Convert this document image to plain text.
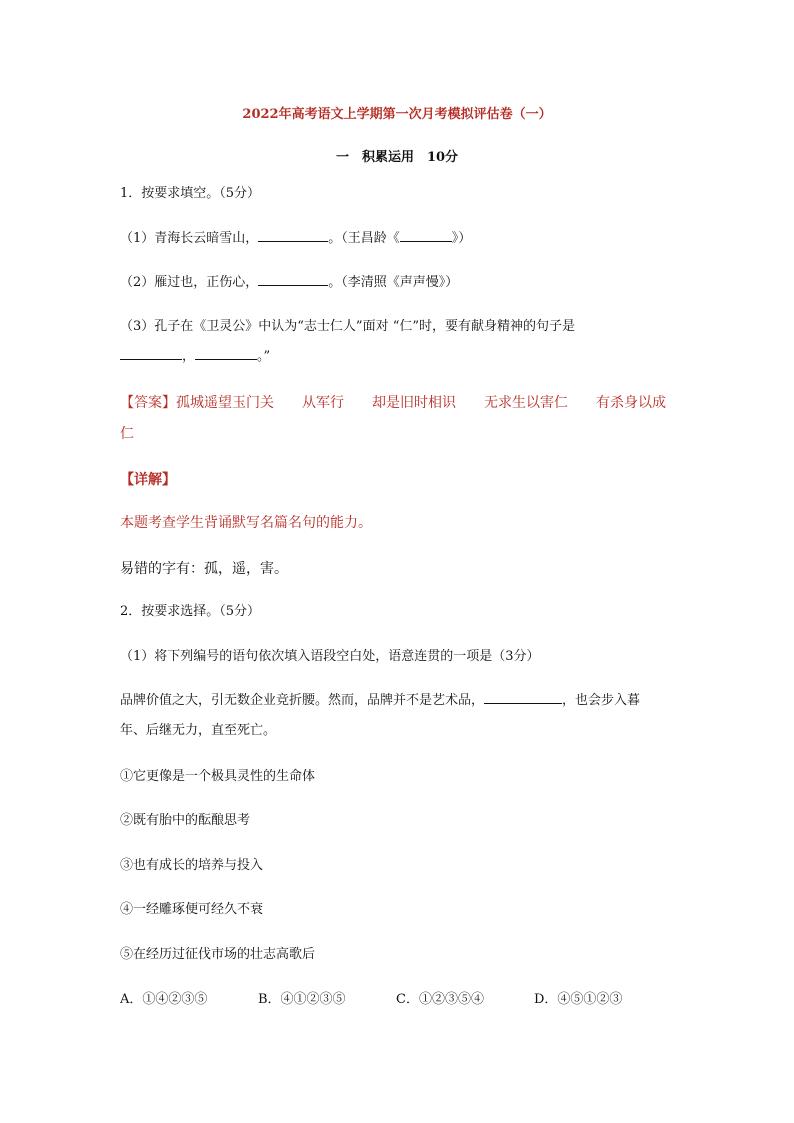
2022年高考语文上学期第一次月考模拟评估卷（一）
一　积累运用　10分
1．按要求填空。（5分）
（1）青海长云暗雪山，	。（王昌龄《	》）
（2）雁过也，正伤心，	。（李清照《声声慢》）
（3）孔子在《卫灵公》中认为“志士仁人”面对 “仁”时，要有献身精神的句子是
，	。”
【答案】孤城遥望玉门关 从军行 却是旧时相识 无求生以害仁 有杀身以成
仁
【详解】
本题考查学生背诵默写名篇名句的能力。
易错的字有：孤，遥，害。
2．按要求选择。（5分）
（1）将下列编号的语句依次填入语段空白处，语意连贯的一项是（3分）
品牌价值之大，引无数企业竞折腰。然而，品牌并不是艺术品，	，也会步入暮
年、后继无力，直至死亡。
①它更像是一个极具灵性的生命体
②既有胎中的酝酿思考
③也有成长的培养与投入
④一经雕琢便可经久不衰
⑤在经历过征伐市场的壮志高歌后
A．①④②③⑤	B．④①②③⑤	C．①②③⑤④	D．④⑤①②③
